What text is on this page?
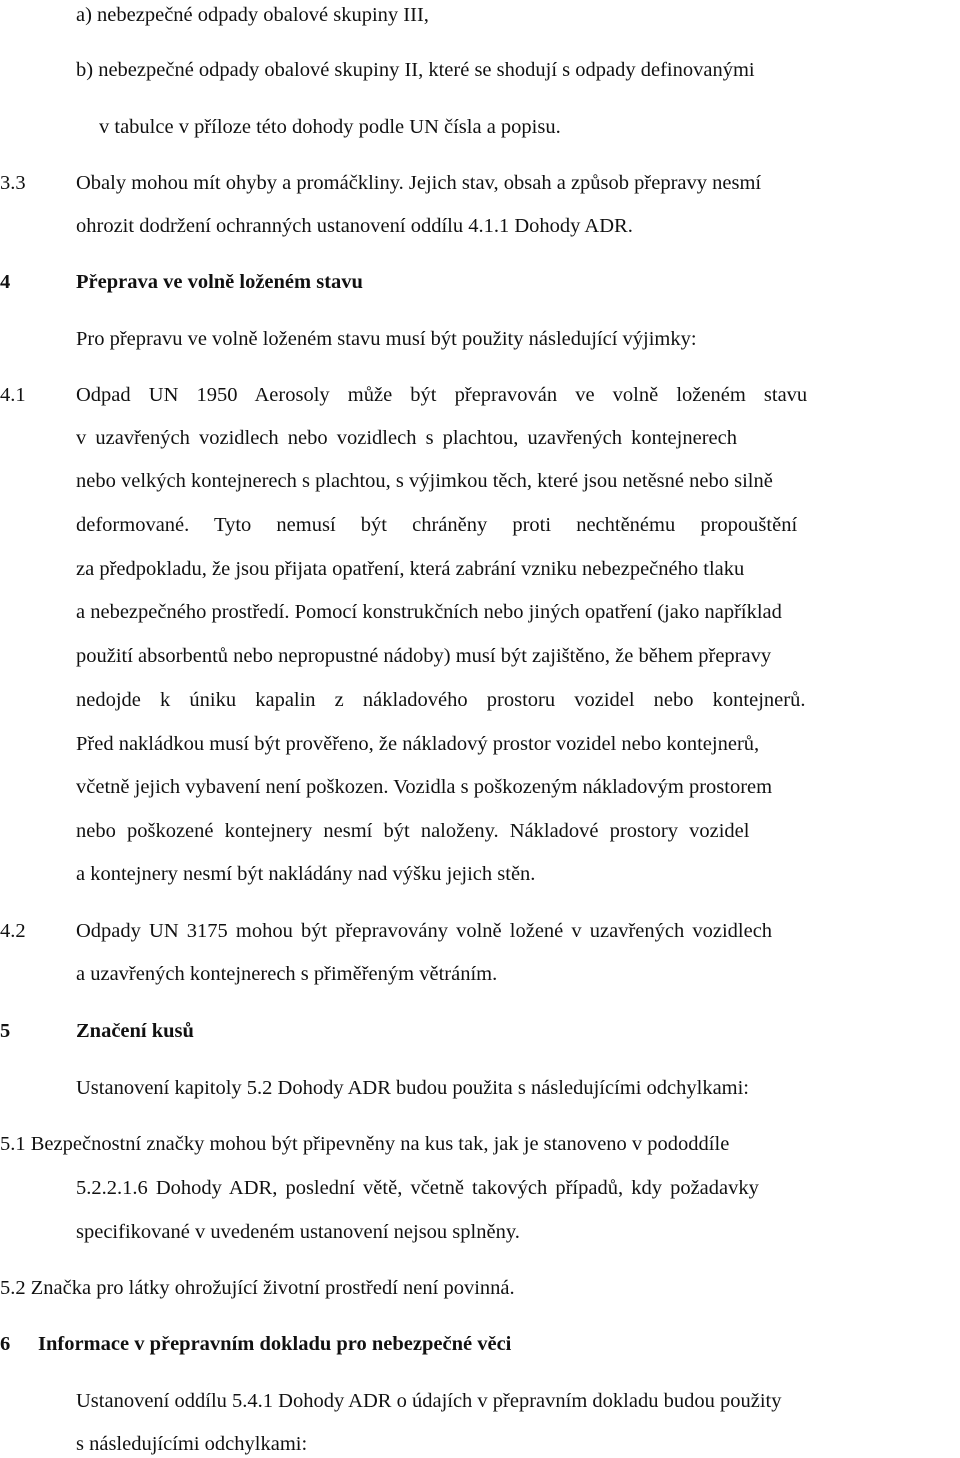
a) nebezpečné odpady obalové skupiny III,
b) nebezpečné odpady obalové skupiny II, které se shodují s odpady definovanými
v tabulce v příloze této dohody podle UN čísla a popisu.
3.3 Obaly mohou mít ohyby a promáčkliny. Jejich stav, obsah a způsob přepravy nesmí
ohrozit dodržení ochranných ustanovení oddílu 4.1.1 Dohody ADR.
4	Přeprava ve volně loženém stavu
Pro přepravu ve volně loženém stavu musí být použity následující výjimky:
4.1 Odpad UN 1950 Aerosoly může být přepravován ve volně loženém stavu
v uzavřených vozidlech nebo vozidlech s plachtou, uzavřených kontejnerech
nebo velkých kontejnerech s plachtou, s výjimkou těch, které jsou netěsné nebo silně
deformované. Tyto nemusí být chráněny proti nechtěnému propouštění
za předpokladu, že jsou přijata opatření, která zabrání vzniku nebezpečného tlaku
a nebezpečného prostředí. Pomocí konstrukčních nebo jiných opatření (jako například
použití absorbentů nebo nepropustné nádoby) musí být zajištěno, že během přepravy
nedojde k úniku kapalin z nákladového prostoru vozidel nebo kontejnerů.
Před nakládkou musí být prověřeno, že nákladový prostor vozidel nebo kontejnerů,
včetně jejich vybavení není poškozen. Vozidla s poškozeným nákladovým prostorem
nebo poškozené kontejnery nesmí být naloženy. Nákladové prostory vozidel
a kontejnery nesmí být nakládány nad výšku jejich stěn.
4.2 Odpady UN 3175 mohou být přepravovány volně ložené v uzavřených vozidlech
a uzavřených kontejnerech s přiměřeným větráním.
5	Značení kusů
Ustanovení kapitoly 5.2 Dohody ADR budou použita s následujícími odchylkami:
5.1 Bezpečnostní značky mohou být připevněny na kus tak, jak je stanoveno v pododdíle
5.2.2.1.6 Dohody ADR, poslední větě, včetně takových případů, kdy požadavky
specifikované v uvedeném ustanovení nejsou splněny.
5.2 Značka pro látky ohrožující životní prostředí není povinná.
6 Informace v přepravním dokladu pro nebezpečné věci
Ustanovení oddílu 5.4.1 Dohody ADR o údajích v přepravním dokladu budou použity
s následujícími odchylkami:
